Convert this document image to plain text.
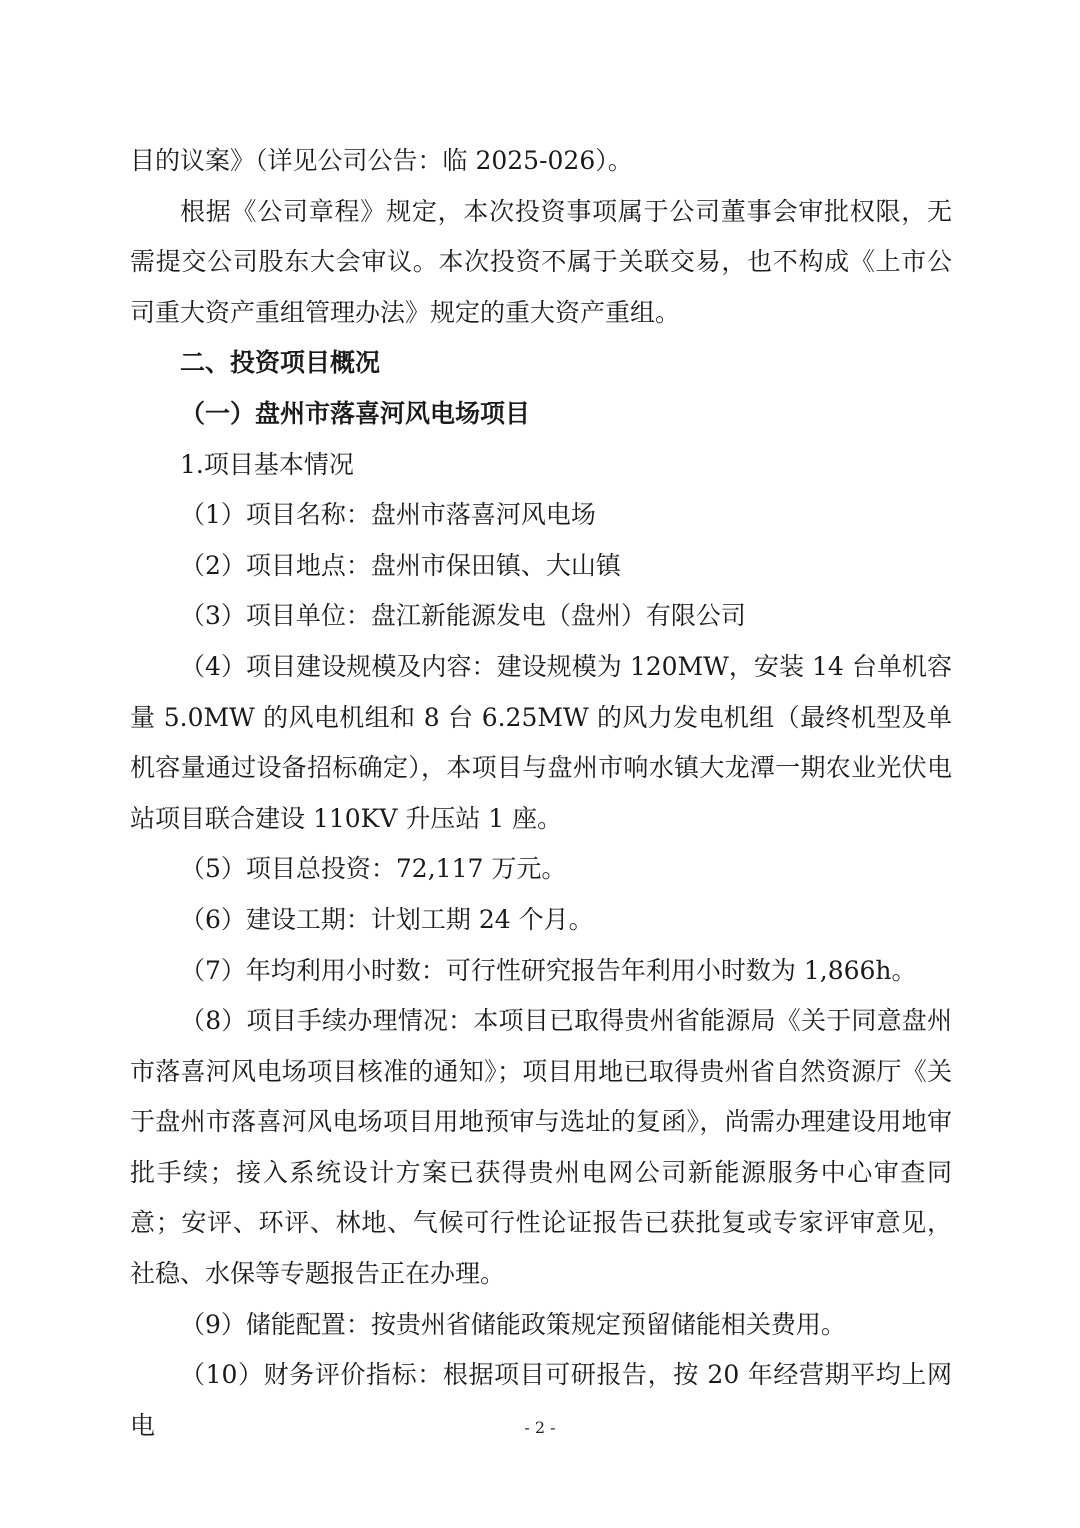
目的议案》（详见公司公告：临 2025-026）。

根据《公司章程》规定，本次投资事项属于公司董事会审批权限，无需提交公司股东大会审议。本次投资不属于关联交易，也不构成《上市公司重大资产重组管理办法》规定的重大资产重组。

二、投资项目概况

（一）盘州市落喜河风电场项目

1.项目基本情况

（1）项目名称：盘州市落喜河风电场

（2）项目地点：盘州市保田镇、大山镇

（3）项目单位：盘江新能源发电（盘州）有限公司

（4）项目建设规模及内容：建设规模为 120MW，安装 14 台单机容量 5.0MW 的风电机组和 8 台 6.25MW 的风力发电机组（最终机型及单机容量通过设备招标确定），本项目与盘州市响水镇大龙潭一期农业光伏电站项目联合建设 110KV 升压站 1 座。

（5）项目总投资：72,117 万元。

（6）建设工期：计划工期 24 个月。

（7）年均利用小时数：可行性研究报告年利用小时数为 1,866h。

（8）项目手续办理情况：本项目已取得贵州省能源局《关于同意盘州市落喜河风电场项目核准的通知》；项目用地已取得贵州省自然资源厅《关于盘州市落喜河风电场项目用地预审与选址的复函》，尚需办理建设用地审批手续；接入系统设计方案已获得贵州电网公司新能源服务中心审查同意；安评、环评、林地、气候可行性论证报告已获批复或专家评审意见，社稳、水保等专题报告正在办理。

（9）储能配置：按贵州省储能政策规定预留储能相关费用。

（10）财务评价指标：根据项目可研报告，按 20 年经营期平均上网电	- 2 -
